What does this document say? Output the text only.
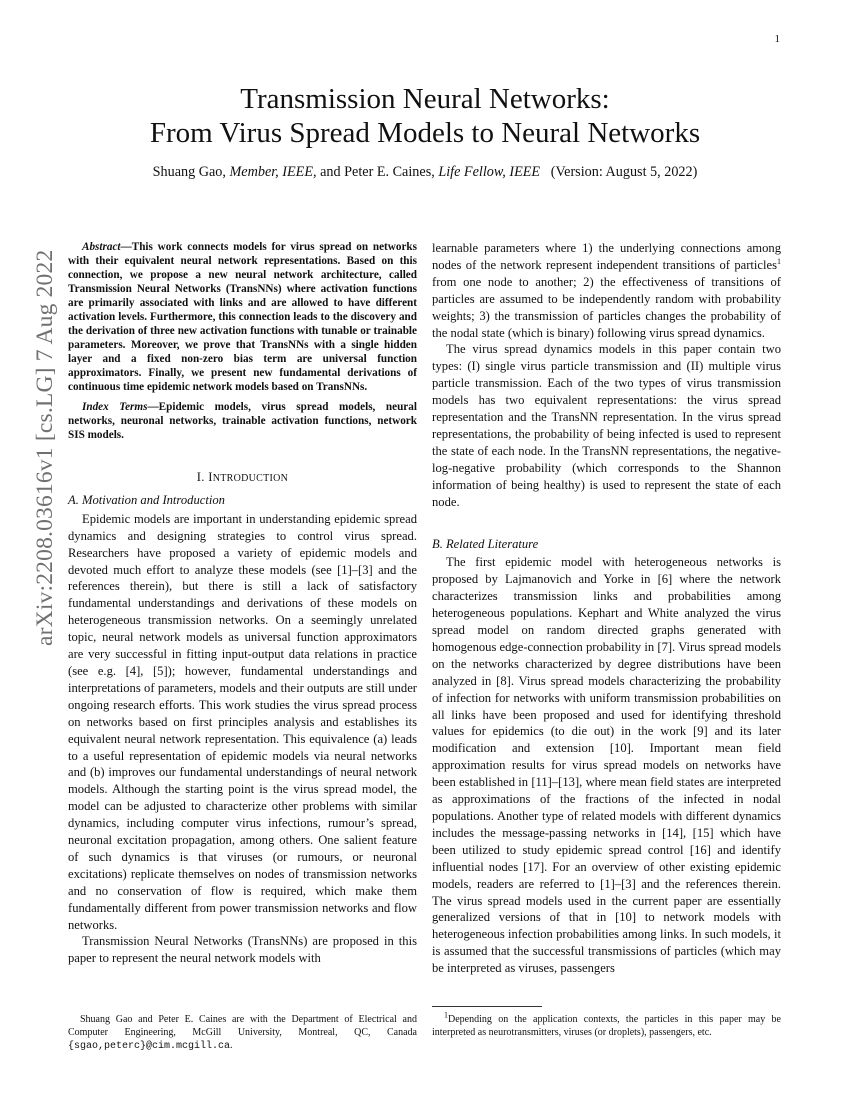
1
arXiv:2208.03616v1 [cs.LG] 7 Aug 2022
Transmission Neural Networks:
From Virus Spread Models to Neural Networks
Shuang Gao, Member, IEEE, and Peter E. Caines, Life Fellow, IEEE   (Version: August 5, 2022)

Abstract—This work connects models for virus spread on networks with their equivalent neural network representations. Based on this connection, we propose a new neural network architecture, called Transmission Neural Networks (TransNNs) where activation functions are primarily associated with links and are allowed to have different activation levels. Furthermore, this connection leads to the discovery and the derivation of three new activation functions with tunable or trainable parameters. Moreover, we prove that TransNNs with a single hidden layer and a fixed non-zero bias term are universal function approximators. Finally, we present new fundamental derivations of continuous time epidemic network models based on TransNNs.

Index Terms—Epidemic models, virus spread models, neural networks, neuronal networks, trainable activation functions, network SIS models.

I. INTRODUCTION
A. Motivation and Introduction

Epidemic models are important in understanding epidemic spread dynamics and designing strategies to control virus spread. Researchers have proposed a variety of epidemic models and devoted much effort to analyze these models (see [1]–[3] and the references therein), but there is still a lack of satisfactory fundamental understandings and derivations of these models on heterogeneous transmission networks. On a seemingly unrelated topic, neural network models as universal function approximators are very successful in fitting input-output data relations in practice (see e.g. [4], [5]); however, fundamental understandings and interpretations of parameters, models and their outputs are still under ongoing research efforts. This work studies the virus spread process on networks based on first principles analysis and establishes its equivalent neural network representation. This equivalence (a) leads to a useful representation of epidemic models via neural networks and (b) improves our fundamental understandings of neural network models. Although the starting point is the virus spread model, the model can be adjusted to characterize other problems with similar dynamics, including computer virus infections, rumour’s spread, neuronal excitation propagation, among others. One salient feature of such dynamics is that viruses (or rumours, or neuronal excitations) replicate themselves on nodes of transmission networks and no conservation of flow is required, which make them fundamentally different from power transmission networks and flow networks.

Transmission Neural Networks (TransNNs) are proposed in this paper to represent the neural network models with

learnable parameters where 1) the underlying connections among nodes of the network represent independent transitions of particles$^1$ from one node to another; 2) the effectiveness of transitions of particles are assumed to be independently random with probability weights; 3) the transmission of particles changes the probability of the nodal state (which is binary) following virus spread dynamics.

The virus spread dynamics models in this paper contain two types: (I) single virus particle transmission and (II) multiple virus particle transmission. Each of the two types of virus transmission models has two equivalent representations: the virus spread representation and the TransNN representation. In the virus spread representations, the probability of being infected is used to represent the state of each node. In the TransNN representations, the negative-log-negative probability (which corresponds to the Shannon information of being healthy) is used to represent the state of each node.

B. Related Literature

The first epidemic model with heterogeneous networks is proposed by Lajmanovich and Yorke in [6] where the network characterizes transmission links and probabilities among heterogeneous populations. Kephart and White analyzed the virus spread model on random directed graphs generated with homogenous edge-connection probability in [7]. Virus spread models on the networks characterized by degree distributions have been analyzed in [8]. Virus spread models characterizing the probability of infection for networks with uniform transmission probabilities on all links have been proposed and used for identifying threshold values for epidemics (to die out) in the work [9] and its later modification and extension [10]. Important mean field approximation results for virus spread models on networks have been established in [11]–[13], where mean field states are interpreted as approximations of the fractions of the infected in nodal populations. Another type of related models with different dynamics includes the message-passing networks in [14], [15] which have been utilized to study epidemic spread control [16] and identify influential nodes [17]. For an overview of other existing epidemic models, readers are referred to [1]–[3] and the references therein. The virus spread models used in the current paper are essentially generalized versions of that in [10] to network models with heterogeneous infection probabilities among links. In such models, it is assumed that the successful transmissions of particles (which may be interpreted as viruses, passengers

Shuang Gao and Peter E. Caines are with the Department of Electrical and Computer Engineering, McGill University, Montreal, QC, Canada {sgao,peterc}@cim.mcgill.ca.
$^1$Depending on the application contexts, the particles in this paper may be interpreted as neurotransmitters, viruses (or droplets), passengers, etc.
